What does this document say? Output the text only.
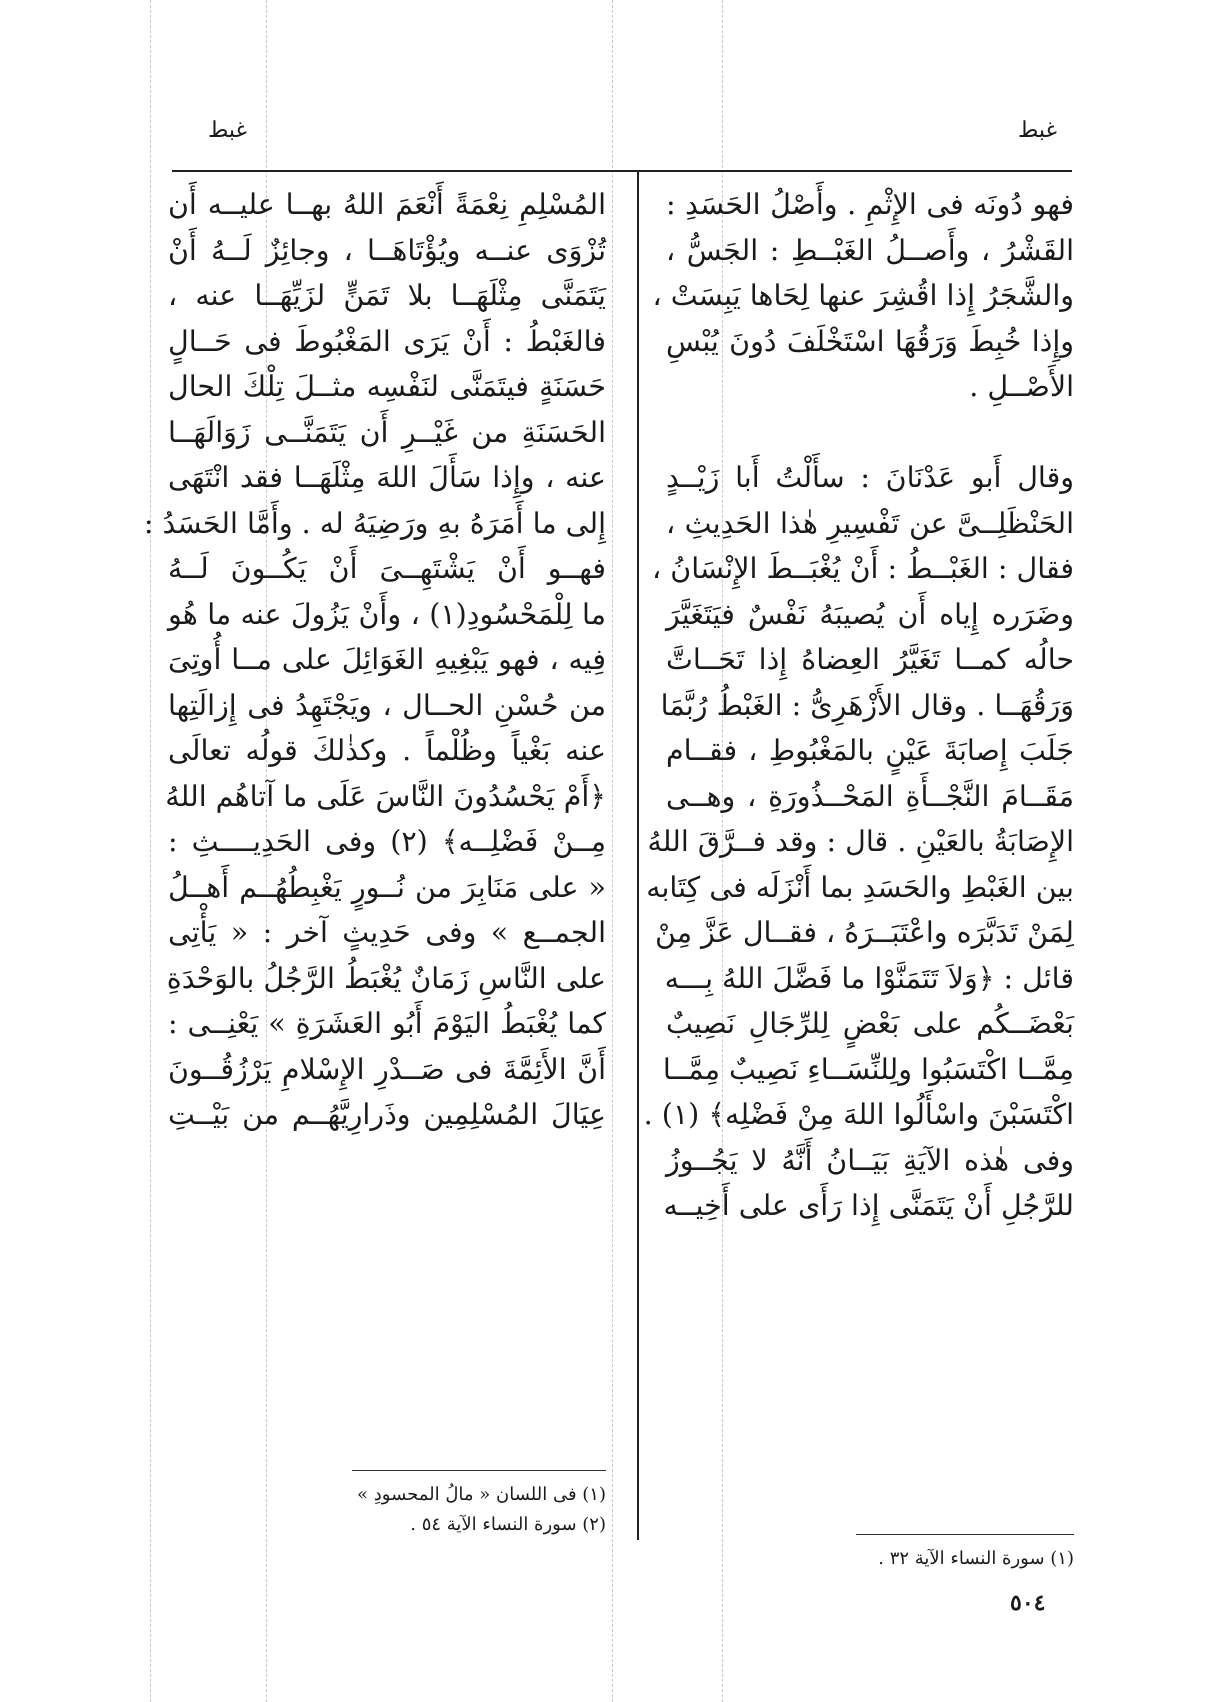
غبط
غبط
فهو دُونَه فى الإِثْمِ . وأَصْلُ الحَسَدِ :
القَشْرُ ، وأَصــلُ الغَبْــطِ : الجَسُّ ،
والشَّجَرُ إِذا اقُشِرَ عنها لِحَاها يَبِسَتْ ،
وإِذا خُبِطَ وَرَقُهَا اسْتَخْلَفَ دُونَ يُبْسِ
الأَصْــلِ .
وقال أَبو عَدْنَانَ : سأَلْتُ أَبا زَيْــدٍ
الحَنْظَلِــىَّ عن تَفْسِيرِ هٰذا الحَدِيثِ ،
فقال : الغَبْــطُ : أَنْ يُغْبَــطَ الإِنْسَانُ ،
وضَرَره إِياه أَن يُصيبَهُ نَفْسٌ فيَتَغَيَّرَ
حالُه كمــا تَغَيَّرُ العِضاهُ إِذا تَحَــاتَّ
وَرَقُهَــا . وقال الأَزْهَرِىُّ : الغَبْطُ رُبَّمَا
جَلَبَ إِصابَةَ عَيْنٍ بالمَغْبُوطِ ، فقــام
مَقَــامَ النَّجْــأَةِ المَحْــذُورَةِ ، وهــى
الإِصَابَةُ بالعَيْنِ . قال : وقد فــرَّقَ اللهُ
بين الغَبْطِ والحَسَدِ بما أَنْزَلَه فى كِتَابه
لِمَنْ تَدَبَّرَه واعْتَبَــرَهُ ، فقــال عَزَّ مِنْ
قائل : ﴿وَلاَ تَتَمَنَّوْا ما فَضَّلَ اللهُ بِـــه
بَعْضَــكُم على بَعْضٍ لِلرِّجَالِ نَصِيبٌ
مِمَّــا اكْتَسَبُوا ولِلنِّسَــاءِ نَصِيبٌ مِمَّــا
اكْتَسَبْنَ واسْأَلُوا اللهَ مِنْ فَضْلِه﴾ (١) .
وفى هٰذه الآيَةِ بَيَــانُ أَنَّهُ لا يَجُــوزُ
للرَّجُلِ أَنْ يَتَمَنَّى إِذا رَأَى على أَخِيــه
المُسْلِمِ نِعْمَةً أَنْعَمَ اللهُ بهــا عليــه أَن
تُزْوَى عنــه ويُؤْتَاهَــا ، وجائِزٌ لَــهُ أَنْ
يَتَمَنَّى مِثْلَهَــا بلا تَمَنٍّ لزَيِّهَــا عنه ،
فالغَبْطُ : أَنْ يَرَى المَغْبُوطَ فى حَــالٍ
حَسَنَةٍ فيتَمَنَّى لنَفْسِه مثــلَ تِلْكَ الحال
الحَسَنَةِ من غَيْــرِ أَن يَتَمَنَّــى زَوَالَهَــا
عنه ، وإِذا سَأَلَ اللهَ مِثْلَهَــا فقد انْتَهَى
إِلى ما أَمَرَهُ بهِ ورَضِيَهُ له . وأَمَّا الحَسَدُ :
فهــو أَنْ يَشْتَهِــىَ أَنْ يَكُــونَ لَــهُ
ما لِلْمَحْسُودِ(١) ، وأَنْ يَزُولَ عنه ما هُو
فِيه ، فهو يَبْغِيهِ الغَوَائِلَ على مــا أُوتِىَ
من حُسْنِ الحــال ، ويَجْتَهِدُ فى إِزالَتِها
عنه بَغْياً وظُلْماً . وكذٰلكَ قولُه تعالَى
﴿أَمْ يَحْسُدُونَ النَّاسَ عَلَى ما آتاهُم اللهُ
مِــنْ فَضْلِــه﴾ (٢) وفى الحَدِيــــثِ :
« على مَنَابِرَ من نُــورٍ يَغْبِطُهُــم أَهــلُ
الجمــع » وفى حَدِيثٍ آخر : « يَأْتِى
على النَّاسِ زَمَانٌ يُغْبَطُ الرَّجُلُ بالوَحْدَةِ
كما يُغْبَطُ اليَوْمَ أَبُو العَشَرَةِ » يَعْنِــى :
أَنَّ الأَئِمَّةَ فى صَــدْرِ الإِسْلامِ يَرْزُقُــونَ
عِيَالَ المُسْلِمِين وذَرارِيَّهُــم من بَيْــتِ
(١) سورة النساء الآية ٣٢ .
(١) فى اللسان « مالُ المحسودِ »
(٢) سورة النساء الآية ٥٤ .
٥٠٤
